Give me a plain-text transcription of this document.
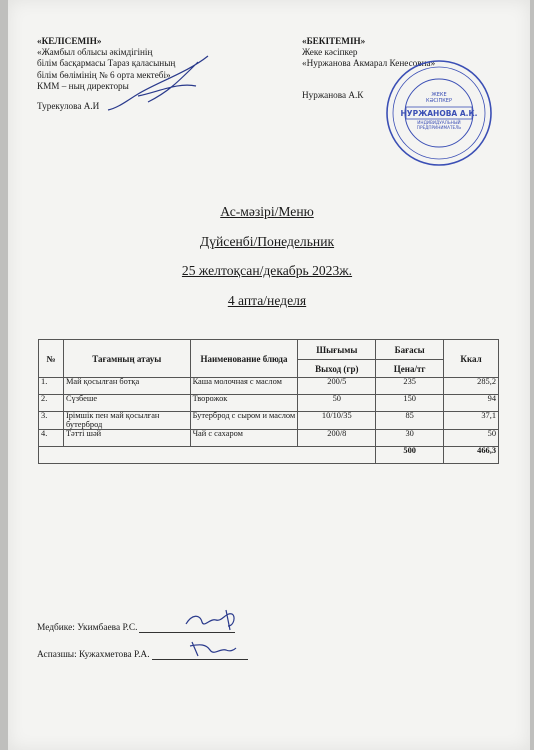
«КЕЛІСЕМІН»
«Жамбыл облысы әкімдігінің
білім басқармасы Тараз қаласының
білім бөлімінің № 6 орта мектебі»
КММ – ның директоры
Турекулова А.И
«БЕКІТЕМІН»
Жеке кәсіпкер
«Нуржанова Акмарал Кенесовна»
Нуржанова А.К	ЖЕКЕ
КӘСІПКЕР
НУРЖАНОВА А.К.
ИНДИВИДУАЛЬНЫЙ
ПРЕДПРИНИМАТЕЛЬ
Ас-мәзірі/Меню
Дүйсенбі/Понедельник
25 желтоқсан/декабрь 2023ж.
4 апта/неделя
№	Тағамның атауы	Наименование блюда	Шығымы	Бағасы	Ккал
			Выход (гр)	Цена/тг	
1.	Май қосылған ботқа	Каша молочная с маслом	200/5	235	285,2
2.	Сүзбеше	Творожок	50	150	94
3.	Ірімшік пен май қосылған бутерброд	Бутерброд с сыром и маслом	10/10/35	85	37,1
4.	Тәтті шәй	Чай с сахаром	200/8	30	50
				500	466,3
Медбике: Укимбаева Р.С.
Аспазшы: Кужахметова Р.А.
